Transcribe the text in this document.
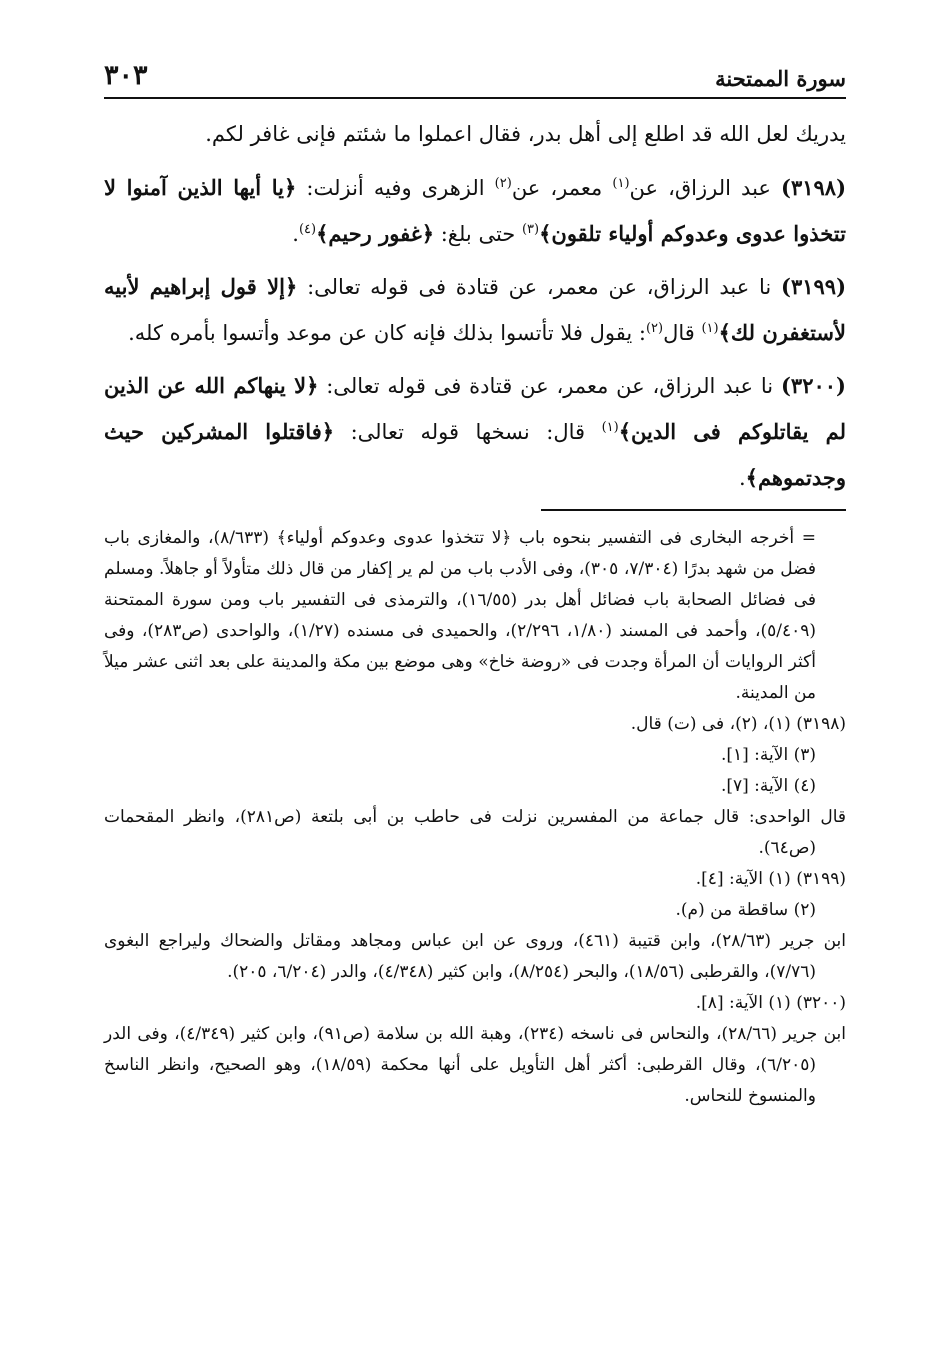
سورة الممتحنة
٣٠٣

يدريك لعل الله قد اطلع إلى أهل بدر، فقال اعملوا ما شئتم فإنى غافر لكم.

(٣١٩٨) عبد الرزاق، عن$^{(١)}$ معمر، عن$^{(٢)}$ الزهرى وفيه أنزلت: ﴿يا أيها الذين آمنوا لا تتخذوا عدوى وعدوكم أولياء تلقون﴾$^{(٣)}$ حتى بلغ: ﴿غفور رحيم﴾$^{(٤)}$.

(٣١٩٩) نا عبد الرزاق، عن معمر، عن قتادة فى قوله تعالى: ﴿إلا قول إبراهيم لأبيه لأستغفرن لك﴾$^{(١)}$ قال$^{(٢)}$: يقول فلا تأتسوا بذلك فإنه كان عن موعد وأتسوا بأمره كله.

(٣٢٠٠) نا عبد الرزاق، عن معمر، عن قتادة فى قوله تعالى: ﴿لا ينهاكم الله عن الذين لم يقاتلوكم فى الدين﴾$^{(١)}$ قال: نسخها قوله تعالى: ﴿فاقتلوا المشركين حيث وجدتموهم﴾.

= أخرجه البخارى فى التفسير بنحوه باب ﴿لا تتخذوا عدوى وعدوكم أولياء﴾ (٨/٦٣٣)، والمغازى باب فضل من شهد بدرًا (٧/٣٠٤، ٣٠٥)، وفى الأدب باب من لم ير إكفار من قال ذلك متأولاً أو جاهلاً. ومسلم فى فضائل الصحابة باب فضائل أهل بدر (١٦/٥٥)، والترمذى فى التفسير باب ومن سورة الممتحنة (٥/٤٠٩)، وأحمد فى المسند (١/٨٠، ٢/٢٩٦)، والحميدى فى مسنده (١/٢٧)، والواحدى (ص٢٨٣)، وفى أكثر الروايات أن المرأة وجدت فى «روضة خاخ» وهى موضع بين مكة والمدينة على بعد اثنى عشر ميلاً من المدينة.

(٣١٩٨) (١)، (٢)، فى (ت) قال.

(٣) الآية: [١].

(٤) الآية: [٧].

قال الواحدى: قال جماعة من المفسرين نزلت فى حاطب بن أبى بلتعة (ص٢٨١)، وانظر المقحمات (ص٦٤).

(٣١٩٩) (١) الآية: [٤].

(٢) ساقطة من (م).

ابن جرير (٢٨/٦٣)، وابن قتيبة (٤٦١)، وروى عن ابن عباس ومجاهد ومقاتل والضحاك وليراجع البغوى (٧/٧٦)، والقرطبى (١٨/٥٦)، والبحر (٨/٢٥٤)، وابن كثير (٤/٣٤٨)، والدر (٦/٢٠٤، ٢٠٥).

(٣٢٠٠) (١) الآية: [٨].

ابن جرير (٢٨/٦٦)، والنحاس فى ناسخه (٢٣٤)، وهبة الله بن سلامة (ص٩١)، وابن كثير (٤/٣٤٩)، وفى الدر (٦/٢٠٥)، وقال القرطبى: أكثر أهل التأويل على أنها محكمة (١٨/٥٩)، وهو الصحيح، وانظر الناسخ والمنسوخ للنحاس.
